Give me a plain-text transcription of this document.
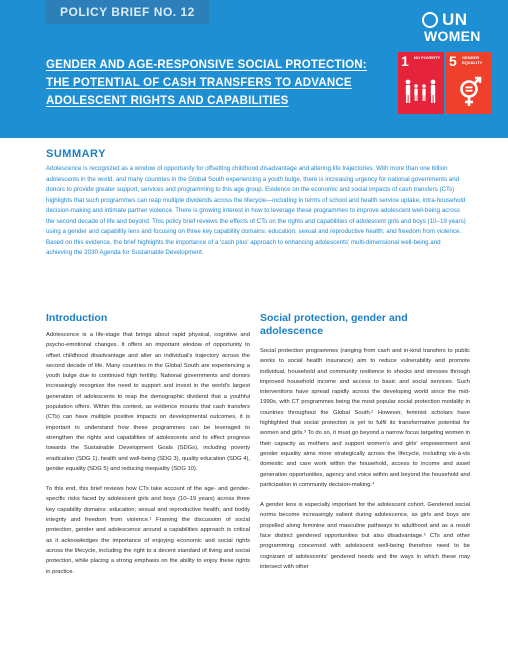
POLICY BRIEF NO. 12	UN
WOMEN
GENDER AND AGE-RESPONSIVE SOCIAL PROTECTION: THE POTENTIAL OF CASH TRANSFERS TO ADVANCE ADOLESCENT RIGHTS AND CAPABILITIES
1 NO POVERTY 5 GENDER EQUALITY
SUMMARY
Adolescence is recognized as a window of opportunity for offsetting childhood disadvantage and altering life trajectories. With more than one billion adolescents in the world, and many countries in the Global South experiencing a youth bulge, there is increasing urgency for national governments and donors to provide greater support, services and programming to this age group. Evidence on the economic and social impacts of cash transfers (CTs) highlights that such programmes can reap multiple dividends across the lifecycle—including in terms of school and health service uptake, intra-household decision-making and intimate partner violence. There is growing interest in how to leverage these programmes to improve adolescent well-being across the second decade of life and beyond. This policy brief reviews the effects of CTs on the rights and capabilities of adolescent girls and boys (10–19 years) using a gender and capability lens and focusing on three key capability domains: education; sexual and reproductive health; and freedom from violence. Based on this evidence, the brief highlights the importance of a 'cash plus' approach to enhancing adolescents' multi-dimensional well-being and achieving the 2030 Agenda for Sustainable Development.
Introduction

Adolescence is a life-stage that brings about rapid physical, cognitive and psycho-emotional changes. It offers an important window of opportunity to offset childhood disadvantage and alter an individual's trajectory across the second decade of life. Many countries in the Global South are experiencing a youth bulge due to continued high fertility. National governments and donors increasingly recognize the need to support and invest in the world's largest generation of adolescents to reap the demographic dividend that a youthful population offers. Within this context, as evidence mounts that cash transfers (CTs) can have multiple positive impacts on developmental outcomes, it is important to understand how these programmes can be leveraged to strengthen the rights and capabilities of adolescents and to effect progress towards the Sustainable Development Goals (SDGs), including poverty eradication (SDG 1), health and well-being (SDG 3), quality education (SDG 4), gender equality (SDG 5) and reducing inequality (SDG 10).

To this end, this brief reviews how CTs take account of the age- and gender-specific risks faced by adolescent girls and boys (10–19 years) across three key capability domains: education; sexual and reproductive health; and bodily integrity and freedom from violence.¹ Framing the discussion of social protection, gender and adolescence around a capabilities approach is critical as it acknowledges the importance of enjoying economic and social rights across the lifecycle, including the right to a decent standard of living and social protection, while placing a strong emphasis on the ability to enjoy these rights in practice.

Social protection, gender and adolescence

Social protection programmes (ranging from cash and in-kind transfers to public works to social health insurance) aim to reduce vulnerability and promote individual, household and community resilience to shocks and stresses through improved household income and access to basic and social services. Such interventions have spread rapidly across the developing world since the mid-1990s, with CT programmes being the most popular social protection modality in countries throughout the Global South.² However, feminist scholars have highlighted that social protection is yet to fulfil its transformative potential for women and girls.³ To do so, it must go beyond a narrow focus targeting women in their capacity as mothers and support women's and girls' empowerment and gender equality aims more strategically across the lifecycle, including vis-à-vis domestic and care work within the household, access to income and asset generation opportunities, agency and voice within and beyond the household and participation in community decision-making.⁴

A gender lens is especially important for the adolescent cohort. Gendered social norms become increasingly salient during adolescence, as girls and boys are propelled along feminine and masculine pathways to adulthood and as a result face distinct gendered opportunities but also disadvantage.⁵ CTs and other programming concerned with adolescent well-being therefore need to be cognizant of adolescents' gendered needs and the ways in which these may intersect with other
